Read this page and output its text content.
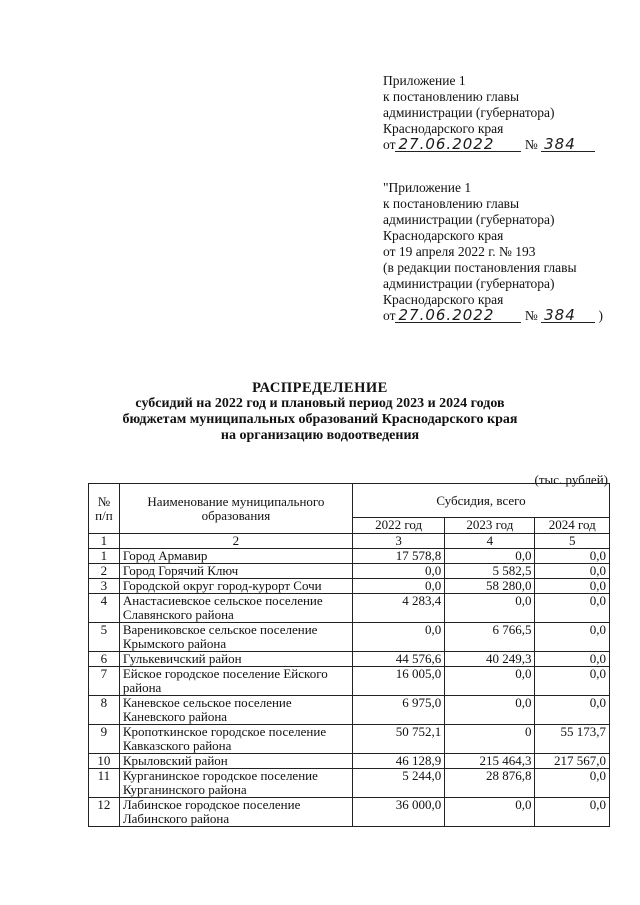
Приложение 1
к постановлению главы
администрации (губернатора)
Краснодарского края
от 27.06.2022 № 384
"Приложение 1
к постановлению главы
администрации (губернатора)
Краснодарского края
от 19 апреля 2022 г. № 193
(в редакции постановления главы
администрации (губернатора)
Краснодарского края
от 27.06.2022 № 384 )
РАСПРЕДЕЛЕНИЕ
субсидий на 2022 год и плановый период 2023 и 2024 годов
бюджетам муниципальных образований Краснодарского края
на организацию водоотведения
(тыс. рублей)
№ п/п	Наименование муниципального образования	Субсидия, всего		
		2022 год	2023 год	2024 год
1	2	3	4	5
1	Город Армавир	17 578,8	0,0	0,0
2	Город Горячий Ключ	0,0	5 582,5	0,0
3	Городской округ город-курорт Сочи	0,0	58 280,0	0,0
4	Анастасиевское сельское поселение Славянского района	4 283,4	0,0	0,0
5	Варениковское сельское поселение Крымского района	0,0	6 766,5	0,0
6	Гулькевичский район	44 576,6	40 249,3	0,0
7	Ейское городское поселение Ейского района	16 005,0	0,0	0,0
8	Каневское сельское поселение Каневского района	6 975,0	0,0	0,0
9	Кропоткинское городское поселение Кавказского района	50 752,1	0	55 173,7
10	Крыловский район	46 128,9	215 464,3	217 567,0
11	Курганинское городское поселение Курганинского района	5 244,0	28 876,8	0,0
12	Лабинское городское поселение Лабинского района	36 000,0	0,0	0,0
